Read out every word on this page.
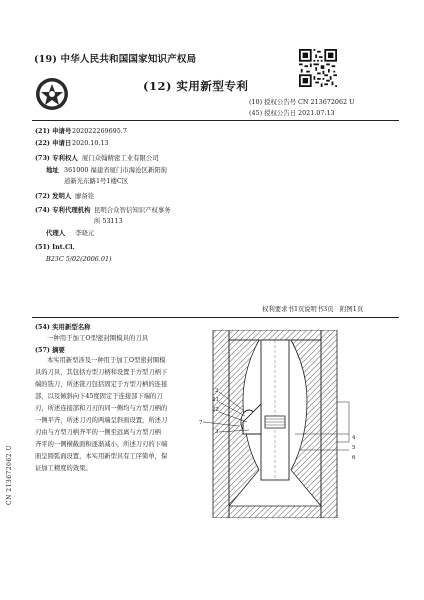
(19) 中华人民共和国国家知识产权局
(12) 实用新型专利
(10) 授权公告号 CN 213672062 U
(45) 授权公告日 2021.07.13
(21) 申请号 202022269695.7
(22) 申请日 2020.10.13
(73) 专利权人 厦门众翰精密工业有限公司
地址 361000 福建省厦门市海沧区新阳街
道新光东路1号1楼C区
(72) 发明人 廖备铨
(74) 专利代理机构 昆明合众智信知识产权事务
所 53113
代理人 李晓元
(51) Int.Cl.
B23C 5/02(2006.01)
权利要求书1页 说明书3页 附图1页
(54) 实用新型名称
一种用于加工O型密封圈模具的刀具
(57) 摘要
本实用新型涉及一种用于加工O型密封圈模
具的刀具，其包括方型刀柄和设置于方型刀柄下
端的铣刀，所述铣刀包括固定于方型刀柄的连接
部，以及倾斜向下45度固定于连接部下端的刀
刃，所述连接部和刀刃的同一侧均与方型刀柄的
一侧平齐，所述刀刃的两端呈斜面设置，所述刀
刃由与方型刀柄齐平的一侧至远离与方型刀柄
齐平的一侧横截面积逐渐减小，所述刀刃的下端
面呈圆弧面设置，本实用新型具有工序简单，保
证加工精度的效果。
2
21
22
7
3
4
5
6
CN 213672062 U
